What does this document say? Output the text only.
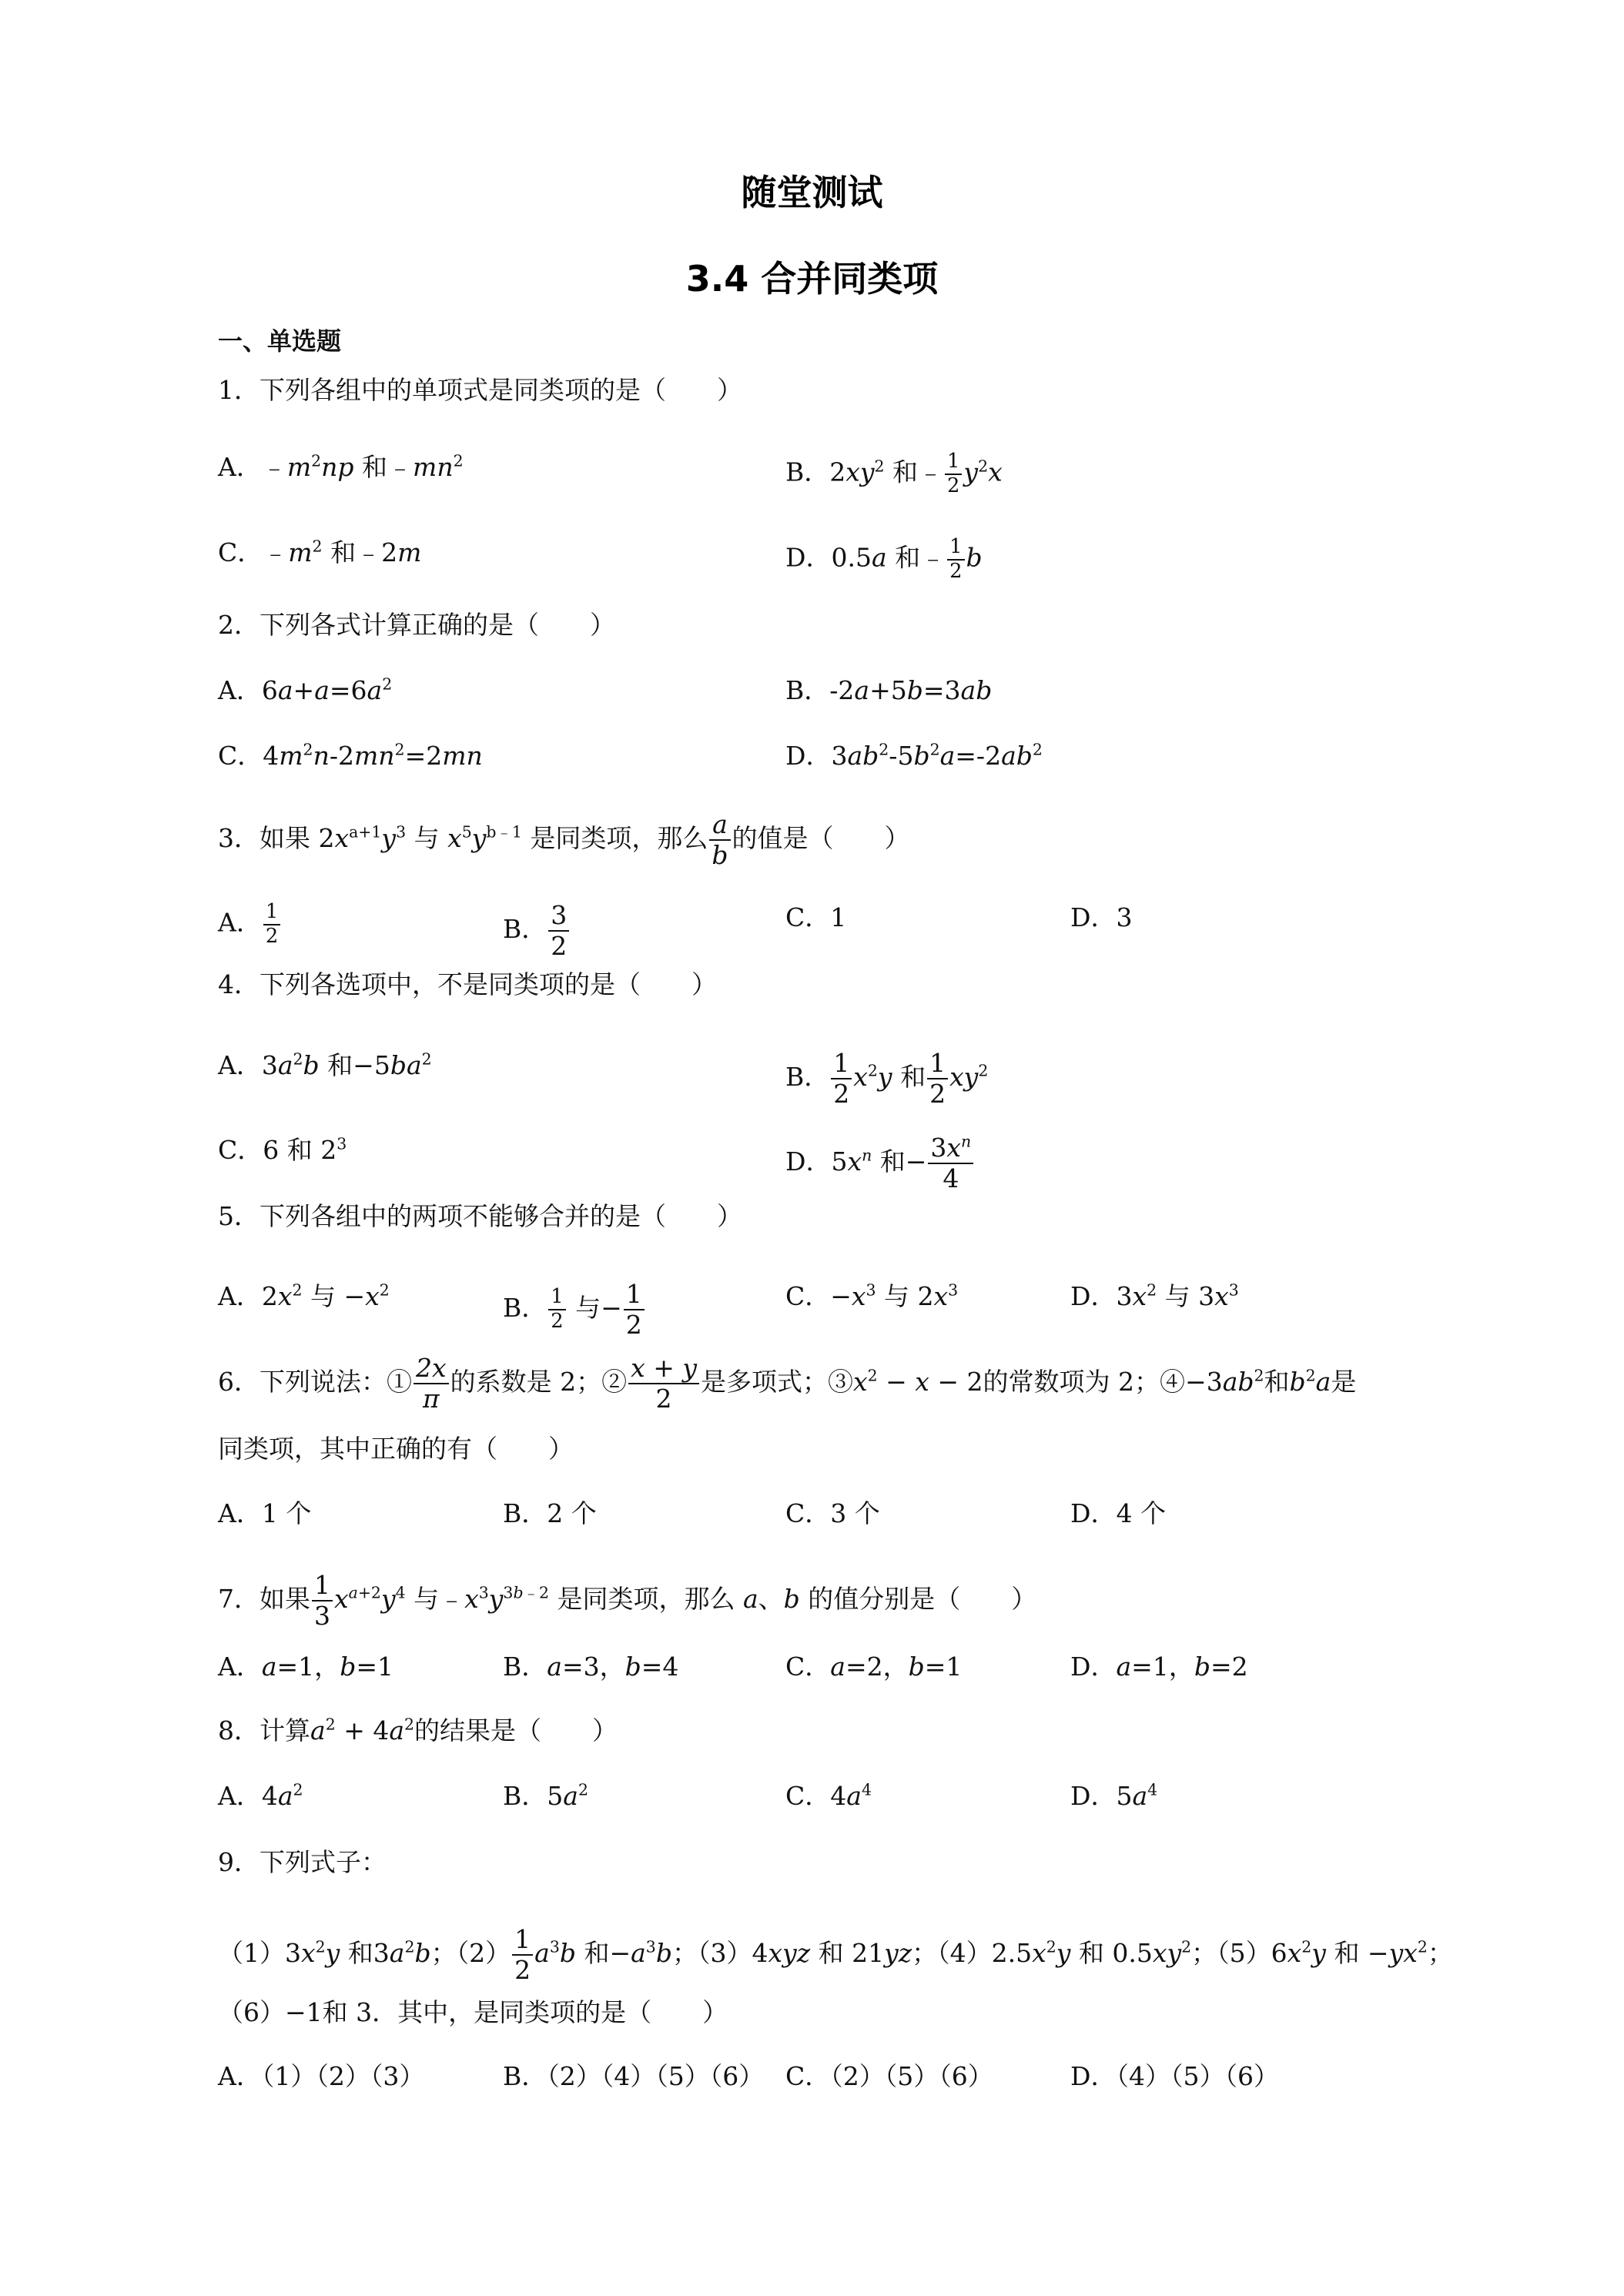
随堂测试
3.4 合并同类项
一、单选题
1．下列各组中的单项式是同类项的是（　　）
A．$﹣m^2np$ 和$﹣mn^2$	B．$2xy^2$ 和﹣ $\frac{1}{2} y^2x$
C．$﹣m^2$ 和﹣2m	D．0.5a 和﹣ $\frac{1}{2}$ b
2．下列各式计算正确的是（　　）
A．$6a+a=6a^2$	B．-2a+5b=3ab
C．$4m^2n-2mn^2=2mn$	D．$3ab^2-5b^2a=-2ab^2$
3．如果 $2x^{a+1}y^3$ 与 $x^5y^{b﹣1}$ 是同类项，那么 $\frac{a}{b}$ 的值是（　　）
A． $\frac{1}{2}$	B． $\frac{3}{2}$	C．1	D．3
4．下列各选项中，不是同类项的是（　　）
A．$3a^2b$ 和$-5ba^2$
B． $\frac{1}{2} x^2y$ 和 $\frac{1}{2} xy^2$
C．6 和 $2^3$
D．$5x^n$ 和− $\frac{3x^n}{4}$
5．下列各组中的两项不能够合并的是（　　）
A．$2x^2$ 与 $-x^2$
B． $\frac{1}{2}$ 与− $\frac{1}{2}$	C．$-x^3$ 与 $2x^3$	D．$3x^2$ 与 $3x^3$
6．下列说法：① $\frac{2x}{\pi}$ 的系数是 2；② $\frac{x + y}{2}$ 是多项式；$③x^2 - x - 2$的常数项为 2；$④-3ab^2$和$b^2a$是
同类项，其中正确的有（　　）
A．1 个	B．2 个	C．3 个	D．4 个
7．如果 $\frac{1}{3} x^{a+2}y^4$ 与$﹣x^3y^{3b﹣2}$ 是同类项，那么 a、b 的值分别是（　　）
A．a=1，b=1	B．a=3，b=4	C．a=2，b=1	D．a=1，b=2
8．计算$a^2 + 4a^2$的结果是（　　）
A．$4a^2$	B．$5a^2$	C．$4a^4$	D．$5a^4$
9．下列式子：
$(1)3x^2y$ 和$3a^2b$；$(2) \frac{1}{2} a^3b$ 和$-a^3b$；（3）4xyz 和 21yz；$(4)2.5x^2y$ 和 $0.5xy^2$；$(5)6x^2y$ 和 $-yx^2$；
（6）−1和 3．其中，是同类项的是（　　）
A．（1）（2）（3）	B．（2）（4）（5）（6） C．（2）（5）（6）	D．（4）（5）（6）
